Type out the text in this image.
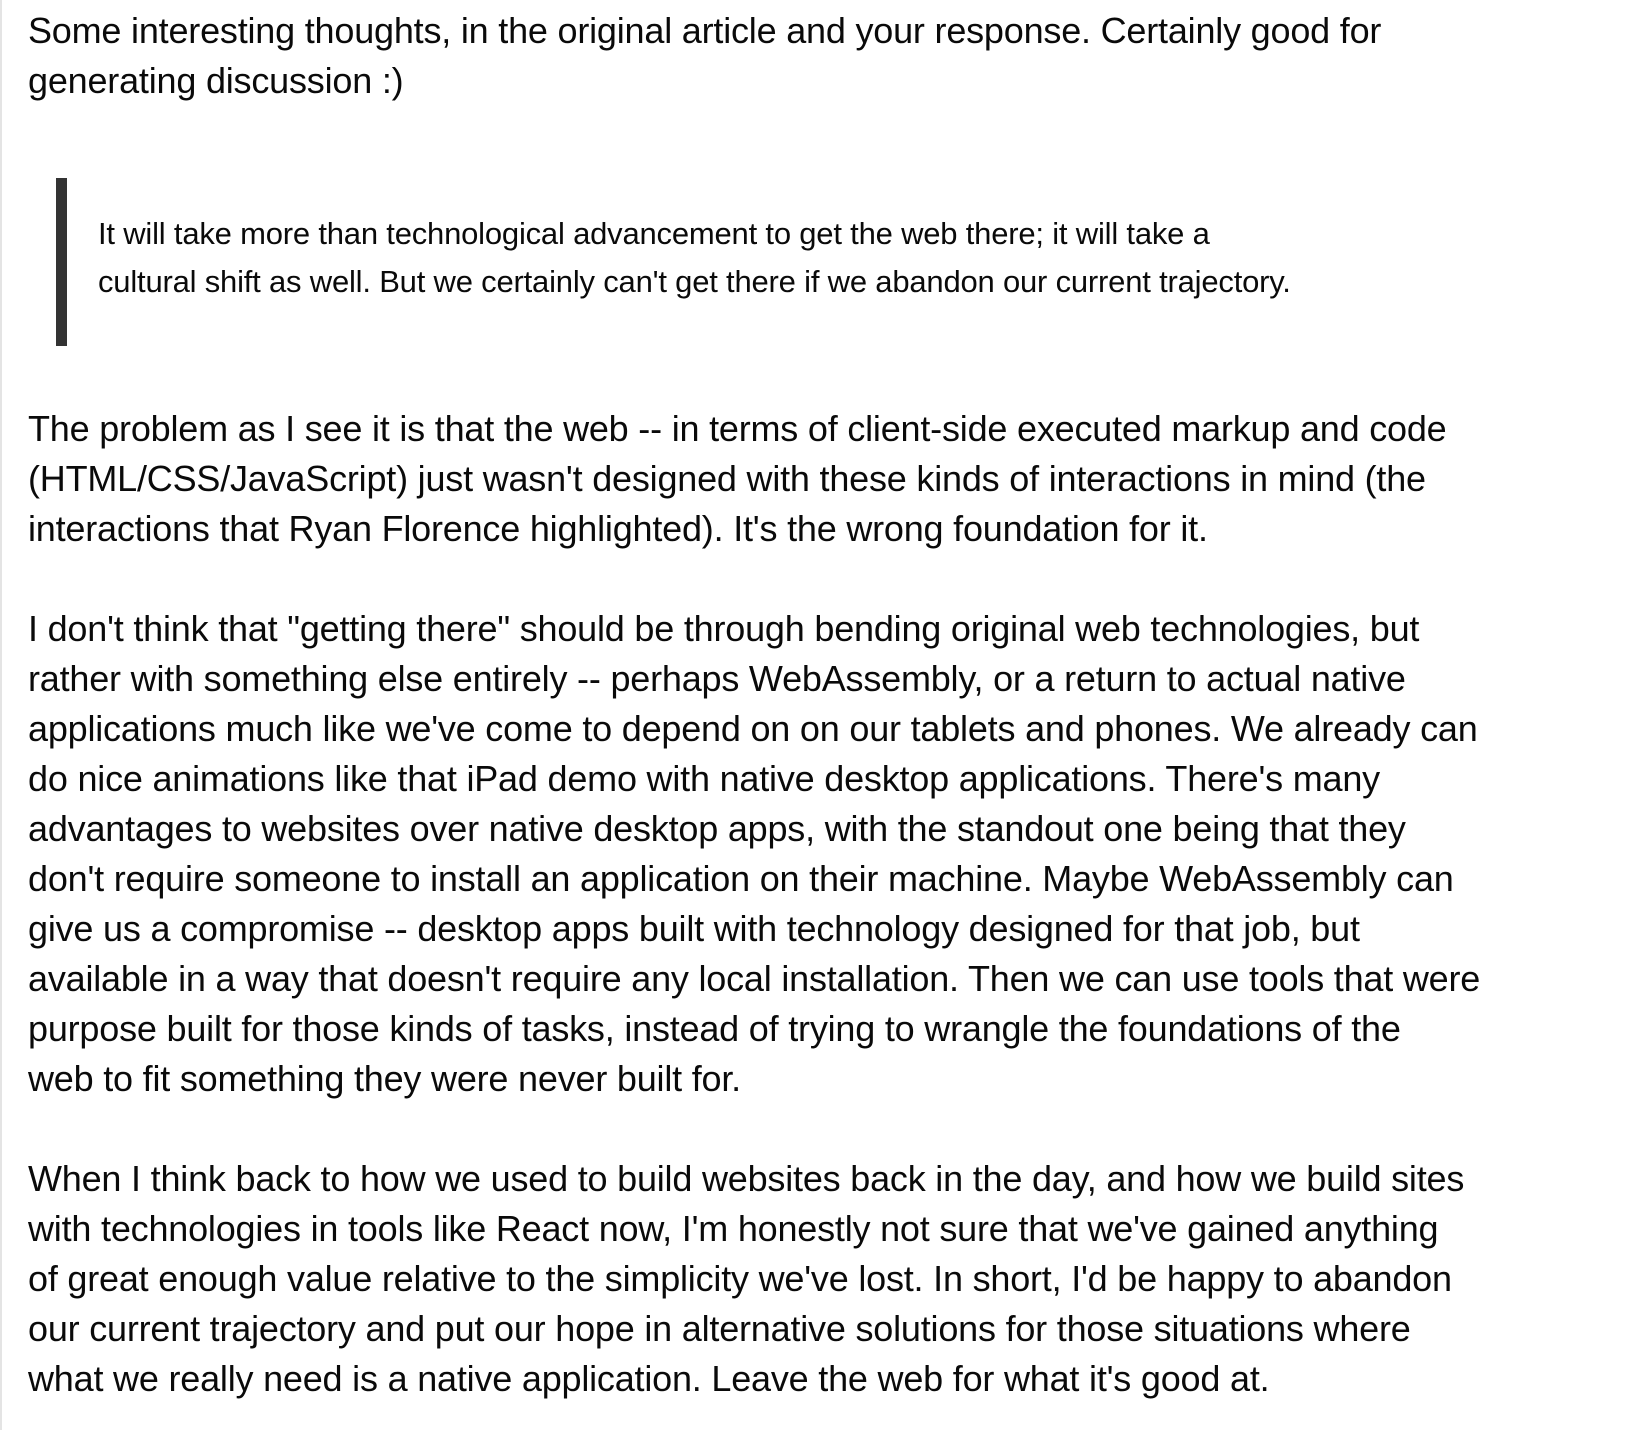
Some interesting thoughts, in the original article and your response. Certainly good for
generating discussion :)

It will take more than technological advancement to get the web there; it will take a
cultural shift as well. But we certainly can't get there if we abandon our current trajectory.

The problem as I see it is that the web -- in terms of client-side executed markup and code
(HTML/CSS/JavaScript) just wasn't designed with these kinds of interactions in mind (the
interactions that Ryan Florence highlighted). It's the wrong foundation for it.

I don't think that "getting there" should be through bending original web technologies, but
rather with something else entirely -- perhaps WebAssembly, or a return to actual native
applications much like we've come to depend on on our tablets and phones. We already can
do nice animations like that iPad demo with native desktop applications. There's many
advantages to websites over native desktop apps, with the standout one being that they
don't require someone to install an application on their machine. Maybe WebAssembly can
give us a compromise -- desktop apps built with technology designed for that job, but
available in a way that doesn't require any local installation. Then we can use tools that were
purpose built for those kinds of tasks, instead of trying to wrangle the foundations of the
web to fit something they were never built for.

When I think back to how we used to build websites back in the day, and how we build sites
with technologies in tools like React now, I'm honestly not sure that we've gained anything
of great enough value relative to the simplicity we've lost. In short, I'd be happy to abandon
our current trajectory and put our hope in alternative solutions for those situations where
what we really need is a native application. Leave the web for what it's good at.
